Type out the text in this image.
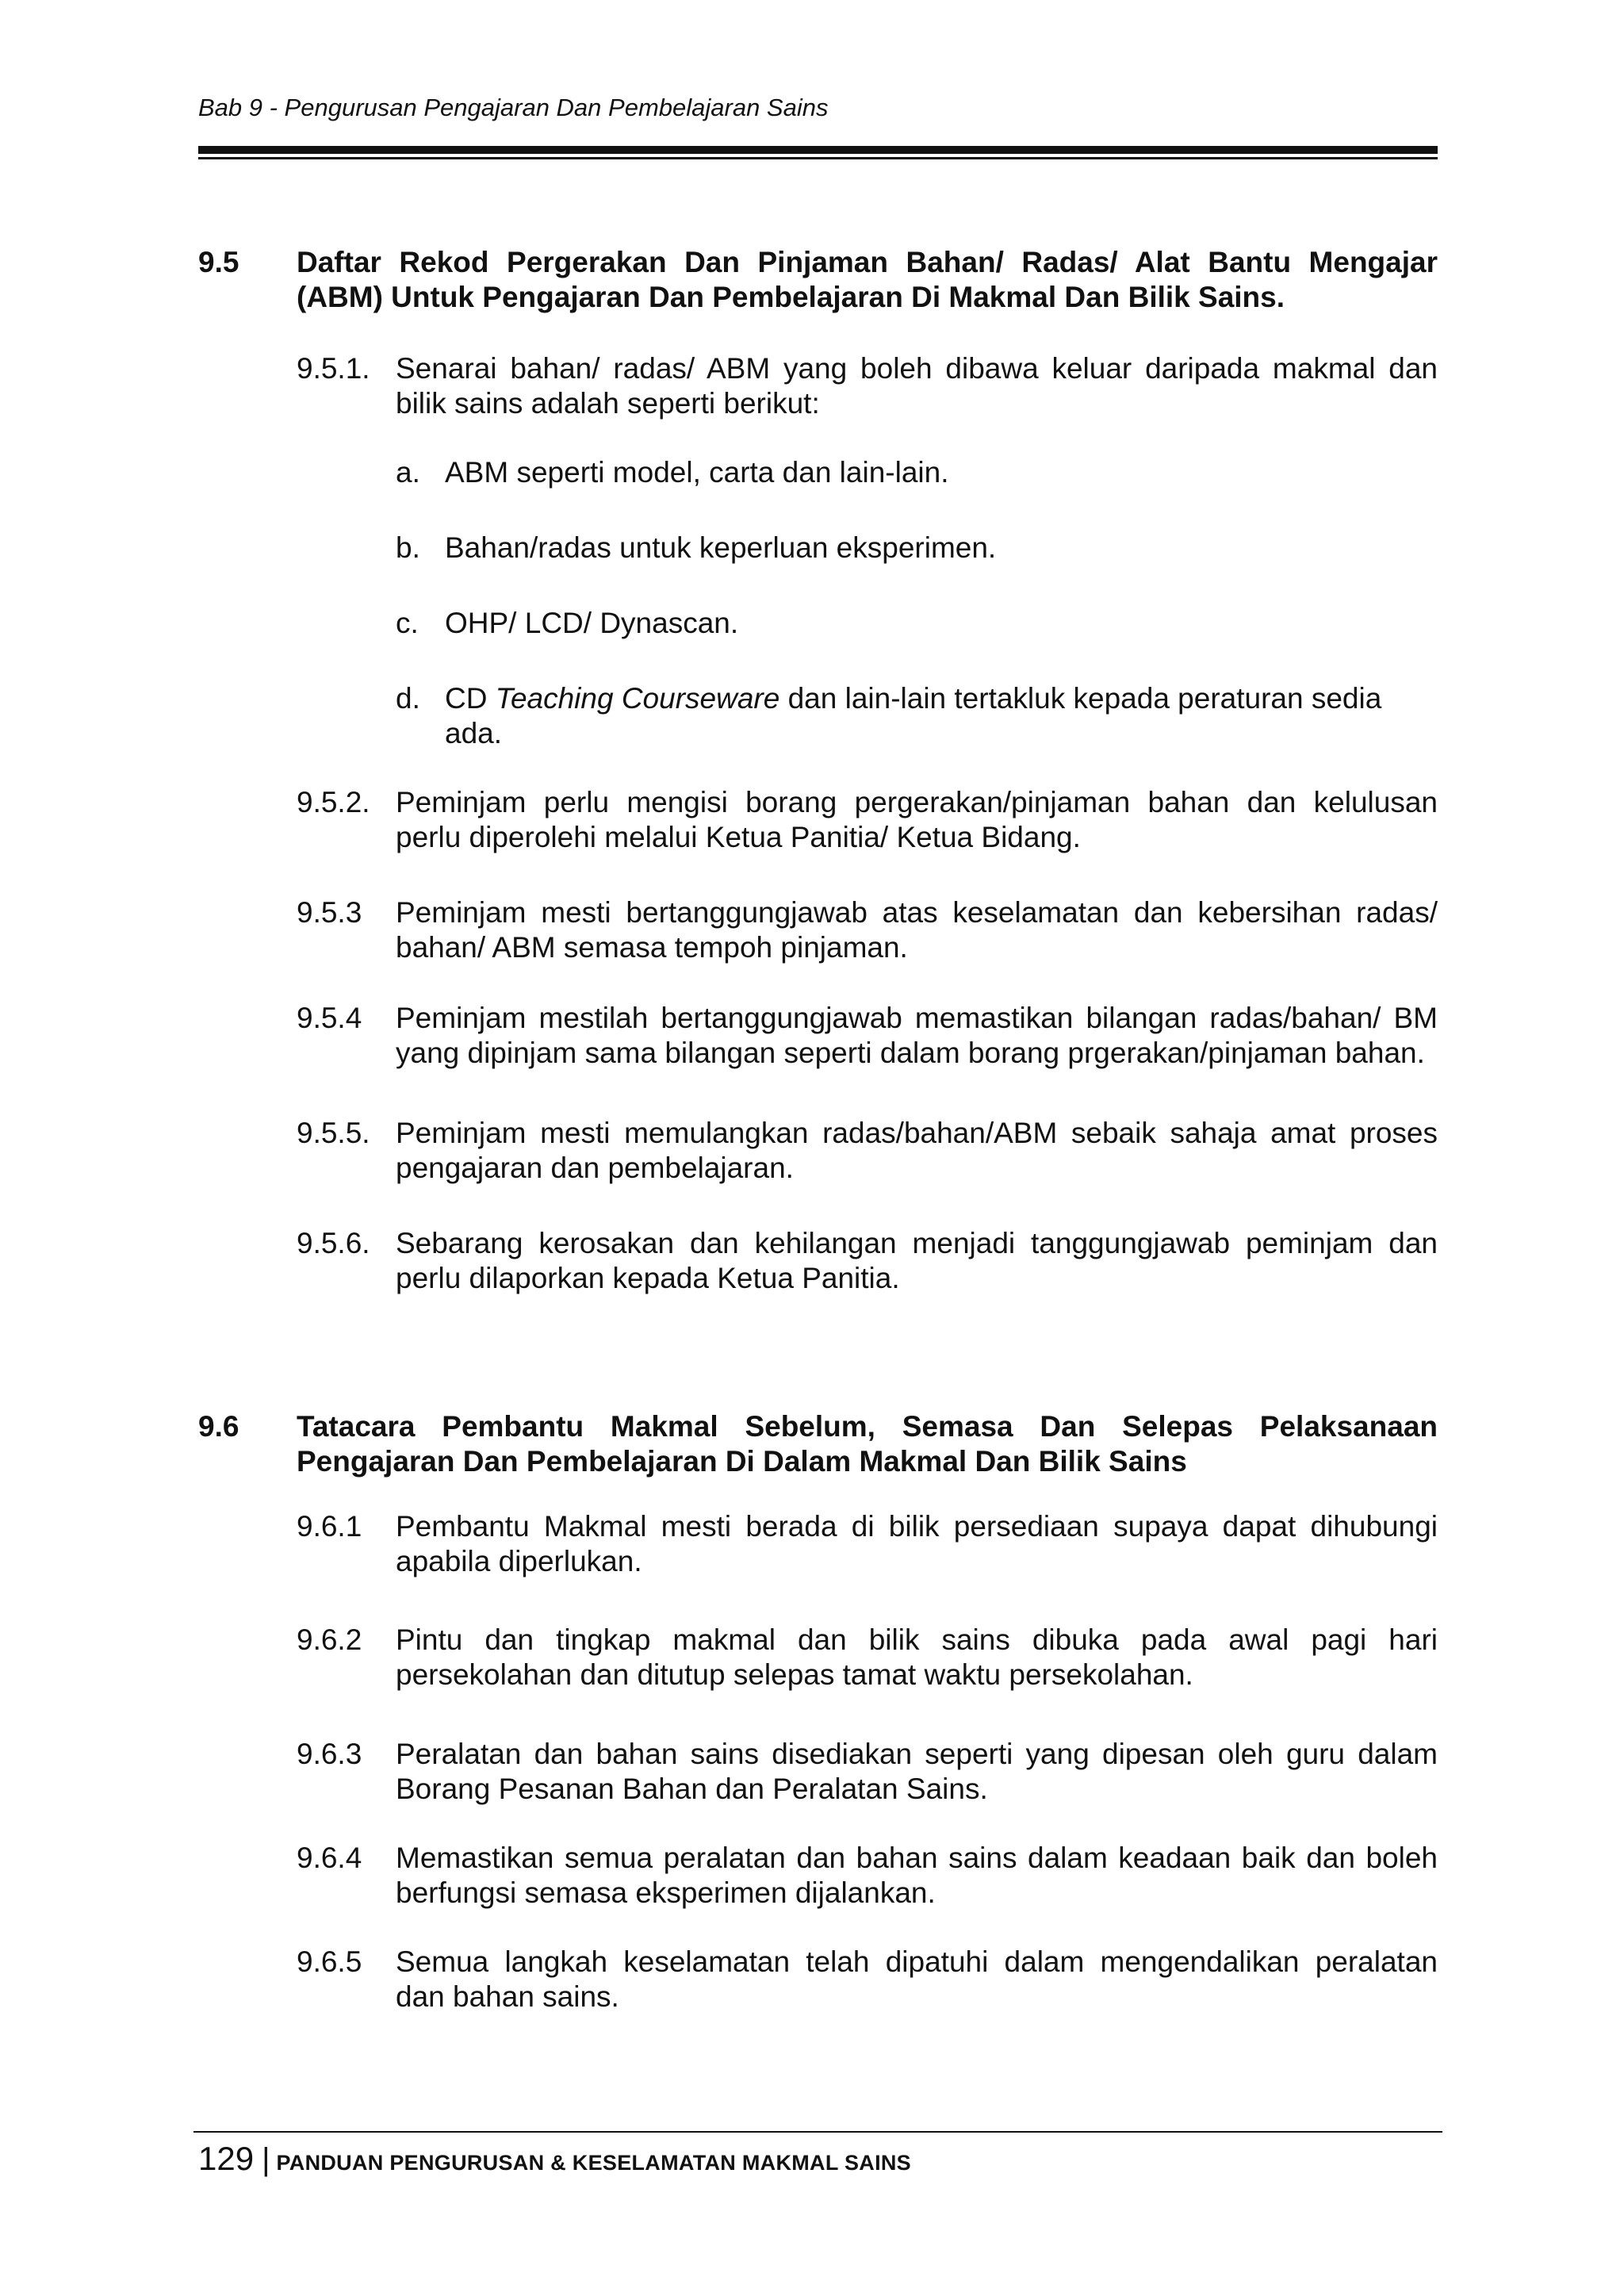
Bab 9 - Pengurusan Pengajaran Dan Pembelajaran Sains
9.5	Daftar Rekod Pergerakan Dan Pinjaman Bahan/ Radas/ Alat Bantu Mengajar (ABM) Untuk Pengajaran Dan Pembelajaran Di Makmal Dan Bilik Sains.
9.5.1. Senarai bahan/ radas/ ABM yang boleh dibawa keluar daripada makmal dan bilik sains adalah seperti berikut:
a. ABM seperti model, carta dan lain-lain.
b. Bahan/radas untuk keperluan eksperimen.
c. OHP/ LCD/ Dynascan.
d. CD Teaching Courseware dan lain-lain tertakluk kepada peraturan sedia ada.
9.5.2. Peminjam perlu mengisi borang pergerakan/pinjaman bahan dan kelulusan perlu diperolehi melalui Ketua Panitia/ Ketua Bidang.
9.5.3	Peminjam mesti bertanggungjawab atas keselamatan dan kebersihan radas/ bahan/ ABM semasa tempoh pinjaman.
9.5.4	Peminjam mestilah bertanggungjawab memastikan bilangan radas/bahan/ BM yang dipinjam sama bilangan seperti dalam borang prgerakan/pinjaman bahan.
9.5.5. Peminjam mesti memulangkan radas/bahan/ABM sebaik sahaja amat proses pengajaran dan pembelajaran.
9.5.6. Sebarang kerosakan dan kehilangan menjadi tanggungjawab peminjam dan perlu dilaporkan kepada Ketua Panitia.
9.6	Tatacara Pembantu Makmal Sebelum, Semasa Dan Selepas Pelaksanaan Pengajaran Dan Pembelajaran Di Dalam Makmal Dan Bilik Sains
9.6.1	Pembantu Makmal mesti berada di bilik persediaan supaya dapat dihubungi apabila diperlukan.
9.6.2	Pintu dan tingkap makmal dan bilik sains dibuka pada awal pagi hari persekolahan dan ditutup selepas tamat waktu persekolahan.
9.6.3	Peralatan dan bahan sains disediakan seperti yang dipesan oleh guru dalam Borang Pesanan Bahan dan Peralatan Sains.
9.6.4	Memastikan semua peralatan dan bahan sains dalam keadaan baik dan boleh berfungsi semasa eksperimen dijalankan.
9.6.5	Semua langkah keselamatan telah dipatuhi dalam mengendalikan peralatan dan bahan sains.
129 | PANDUAN PENGURUSAN & KESELAMATAN MAKMAL SAINS
